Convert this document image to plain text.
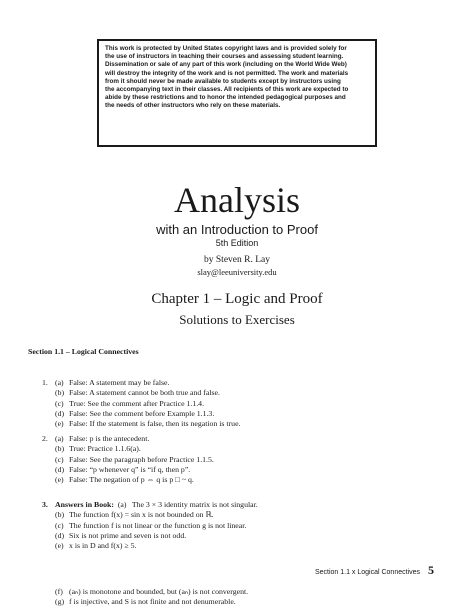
This work is protected by United States copyright laws and is provided solely for
the use of instructors in teaching their courses and assessing student learning.
Dissemination or sale of any part of this work (including on the World Wide Web)
will destroy the integrity of the work and is not permitted. The work and materials
from it should never be made available to students except by instructors using
the accompanying text in their classes. All recipients of this work are expected to
abide by these restrictions and to honor the intended pedagogical purposes and
the needs of other instructors who rely on these materials.
Analysis
with an Introduction to Proof
5th Edition
by Steven R. Lay
slay@leeuniversity.edu
Chapter 1 – Logic and Proof
Solutions to Exercises
Section 1.1 – Logical Connectives
1. (a) False: A statement may be false.
(b) False: A statement cannot be both true and false.
(c) True: See the comment after Practice 1.1.4.
(d) False: See the comment before Example 1.1.3.
(e) False: If the statement is false, then its negation is true.
2. (a) False: p is the antecedent.
(b) True: Practice 1.1.6(a).
(c) False: See the paragraph before Practice 1.1.5.
(d) False: “p whenever q” is “if q, then p”.
(e) False: The negation of p ⇔ q is p □ ~ q.
3. Answers in Book: (a) The 3 × 3 identity matrix is not singular.
(b) The function f(x) = sin x is not bounded on ℝ.
(c) The function f is not linear or the function g is not linear.
(d) Six is not prime and seven is not odd.
(e) x is in D and f(x) ≥ 5.
Section 1.1 x Logical Connectives 5
(f) (aₙ) is monotone and bounded, but (aₙ) is not convergent.
(g) f is injective, and S is not finite and not denumerable.
